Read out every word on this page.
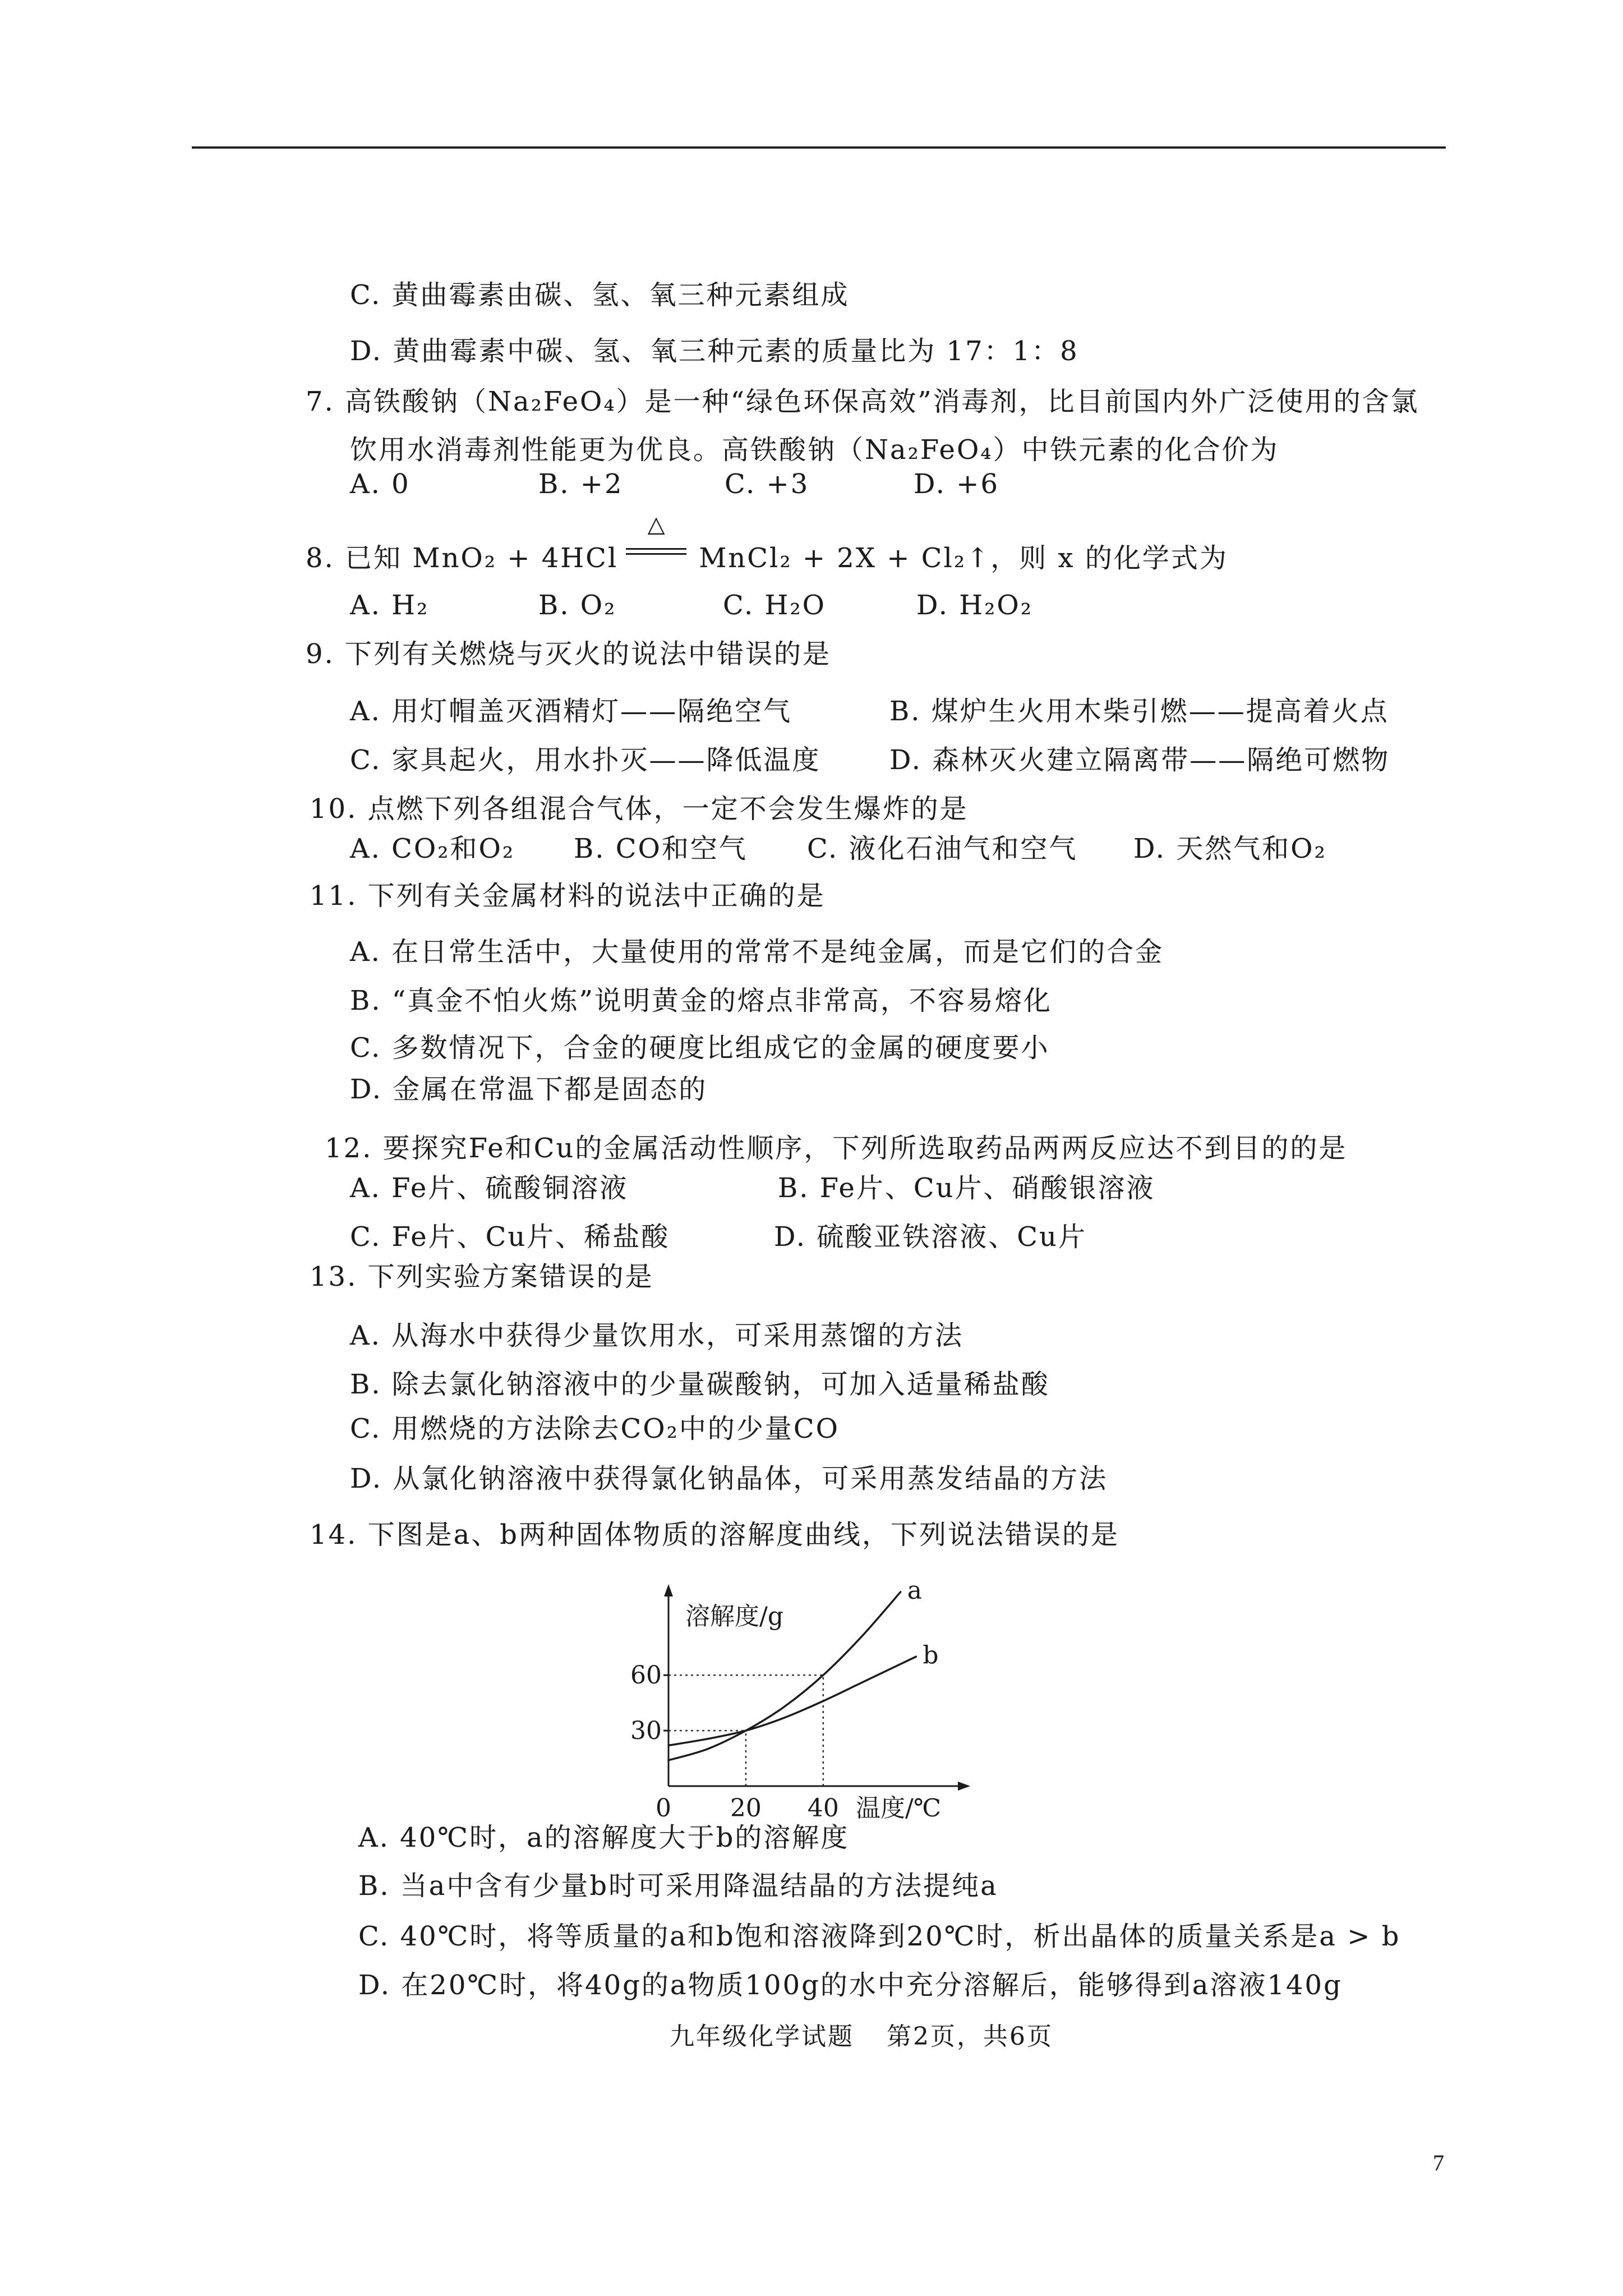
C. 黄曲霉素由碳、氢、氧三种元素组成
D. 黄曲霉素中碳、氢、氧三种元素的质量比为 17：1：8
7. 高铁酸钠（Na₂FeO₄）是一种“绿色环保高效”消毒剂，比目前国内外广泛使用的含氯
饮用水消毒剂性能更为优良。高铁酸钠（Na₂FeO₄）中铁元素的化合价为
A. 0	B. +2	C. +3	D. +6
8. 已知 MnO₂ + 4HCl
△
MnCl₂ + 2X + Cl₂↑，则 x 的化学式为
A. H₂	B. O₂	C. H₂O	D. H₂O₂
9. 下列有关燃烧与灭火的说法中错误的是
A. 用灯帽盖灭酒精灯——隔绝空气	B. 煤炉生火用木柴引燃——提高着火点
C. 家具起火，用水扑灭——降低温度	D. 森林灭火建立隔离带——隔绝可燃物
10. 点燃下列各组混合气体，一定不会发生爆炸的是
A. CO₂和O₂ B. CO和空气 C. 液化石油气和空气 D. 天然气和O₂
11. 下列有关金属材料的说法中正确的是
A. 在日常生活中，大量使用的常常不是纯金属，而是它们的合金
B. “真金不怕火炼”说明黄金的熔点非常高，不容易熔化
C. 多数情况下，合金的硬度比组成它的金属的硬度要小
D. 金属在常温下都是固态的
12. 要探究Fe和Cu的金属活动性顺序，下列所选取药品两两反应达不到目的的是
A. Fe片、硫酸铜溶液	B. Fe片、Cu片、硝酸银溶液
C. Fe片、Cu片、稀盐酸	D. 硫酸亚铁溶液、Cu片
13. 下列实验方案错误的是
A. 从海水中获得少量饮用水，可采用蒸馏的方法
B. 除去氯化钠溶液中的少量碳酸钠，可加入适量稀盐酸
C. 用燃烧的方法除去CO₂中的少量CO
D. 从氯化钠溶液中获得氯化钠晶体，可采用蒸发结晶的方法
14. 下图是a、b两种固体物质的溶解度曲线，下列说法错误的是
溶解度/g
温度/℃
30
60
0 20 40
a
b
A. 40℃时，a的溶解度大于b的溶解度
B. 当a中含有少量b时可采用降温结晶的方法提纯a
C. 40℃时，将等质量的a和b饱和溶液降到20℃时，析出晶体的质量关系是a > b
D. 在20℃时，将40g的a物质100g的水中充分溶解后，能够得到a溶液140g
九年级化学试题 第2页，共6页
7
